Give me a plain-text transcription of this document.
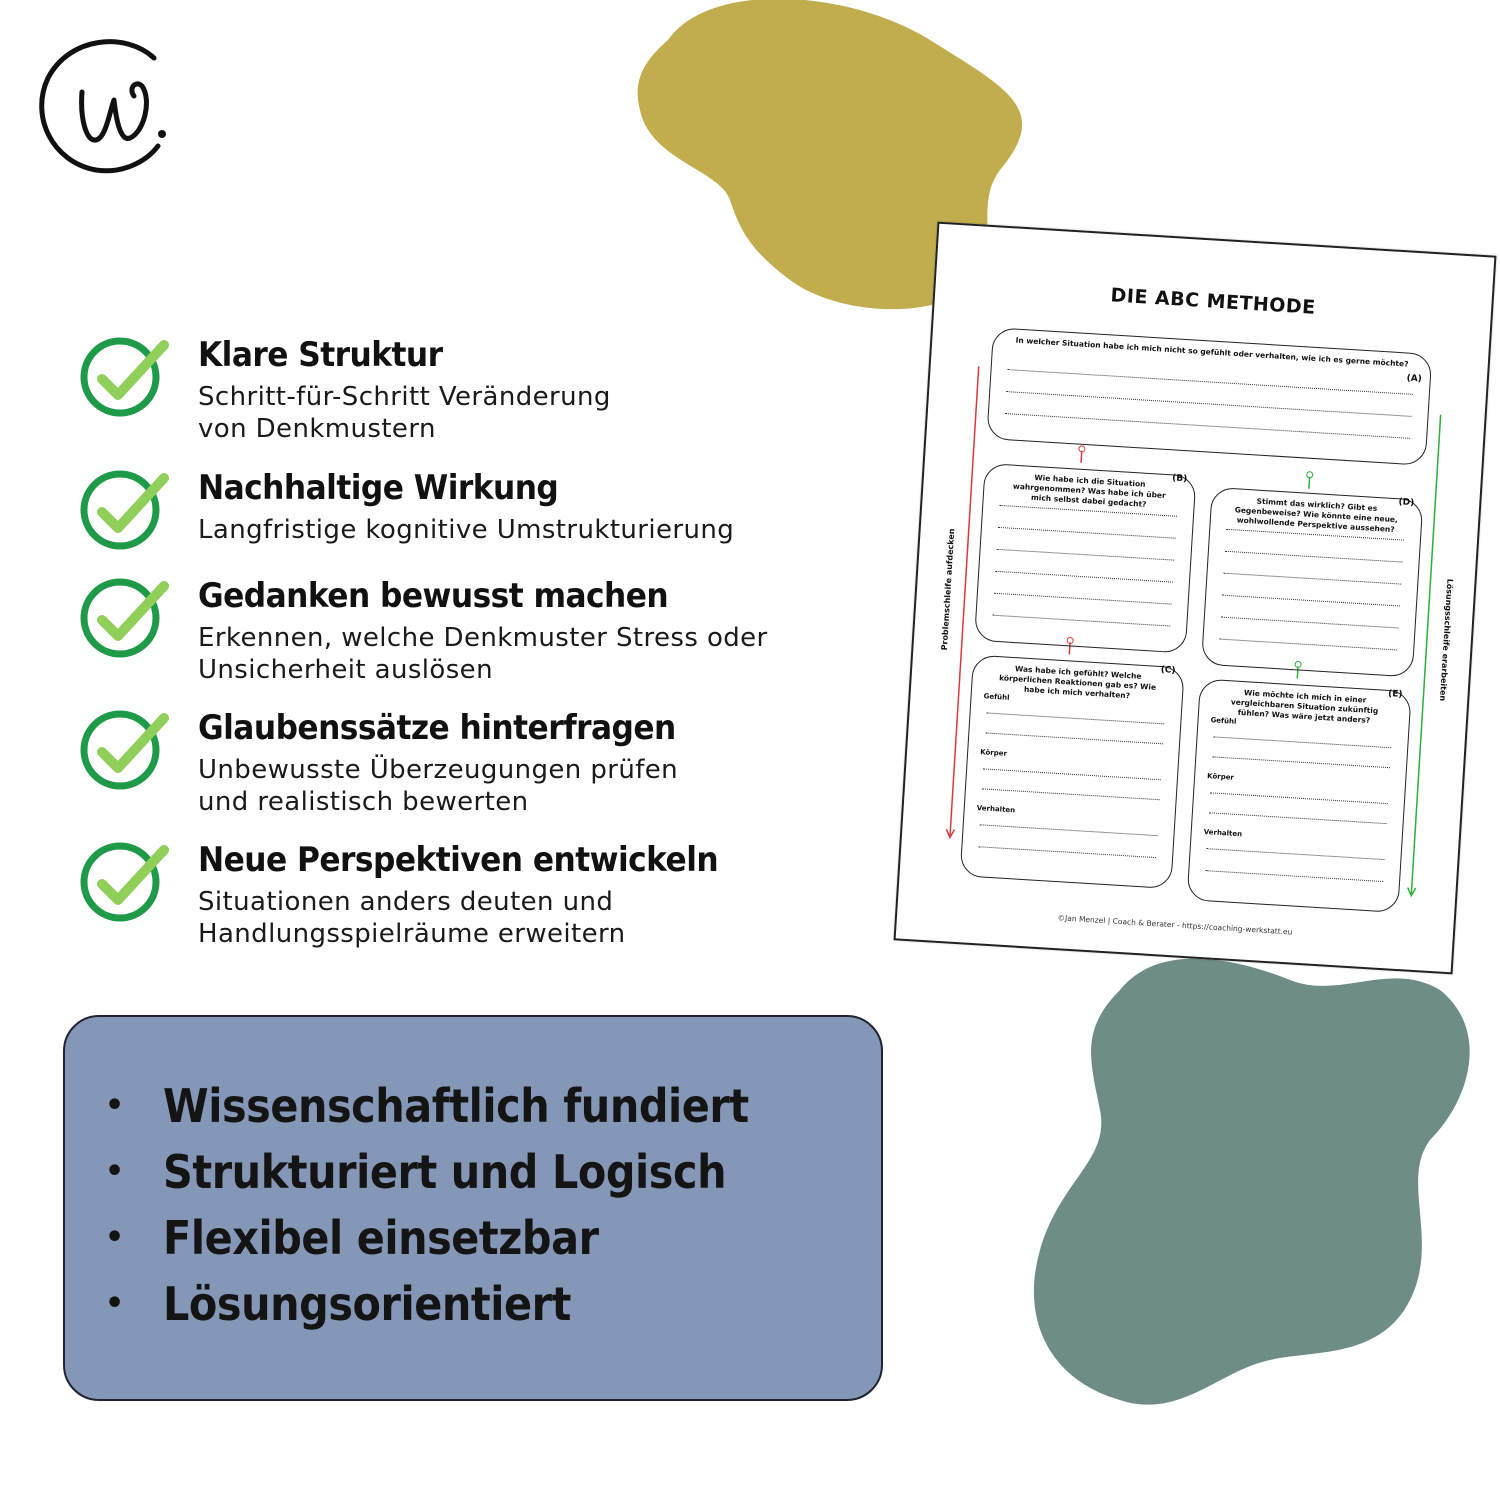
Klare Struktur
Schritt-für-Schritt Veränderung
von Denkmustern
Nachhaltige Wirkung
Langfristige kognitive Umstrukturierung
Gedanken bewusst machen
Erkennen, welche Denkmuster Stress oder
Unsicherheit auslösen
Glaubenssätze hinterfragen
Unbewusste Überzeugungen prüfen
und realistisch bewerten
Neue Perspektiven entwickeln
Situationen anders deuten und
Handlungsspielräume erweitern
• Wissenschaftlich fundiert
• Strukturiert und Logisch
• Flexibel einsetzbar
• Lösungsorientiert
DIE ABC METHODE
Problemschleife aufdecken	Lösungsschleife erarbeiten
In welcher Situation habe ich mich nicht so gefühlt oder verhalten, wie ich es gerne möchte?
(A)
Wie habe ich die Situation wahrgenommen? Was habe ich über mich selbst dabei gedacht?
(B)
Stimmt das wirklich? Gibt es Gegenbeweise? Wie könnte eine neue, wohlwollende Perspektive aussehen?
(D)
Was habe ich gefühlt? Welche körperlichen Reaktionen gab es? Wie habe ich mich verhalten?
(C)
Gefühl
Körper
Verhalten
Wie möchte ich mich in einer vergleichbaren Situation zukünftig fühlen? Was wäre jetzt anders?
(E)
Gefühl
Körper
Verhalten
©Jan Menzel | Coach & Berater - https://coaching-werkstatt.eu
